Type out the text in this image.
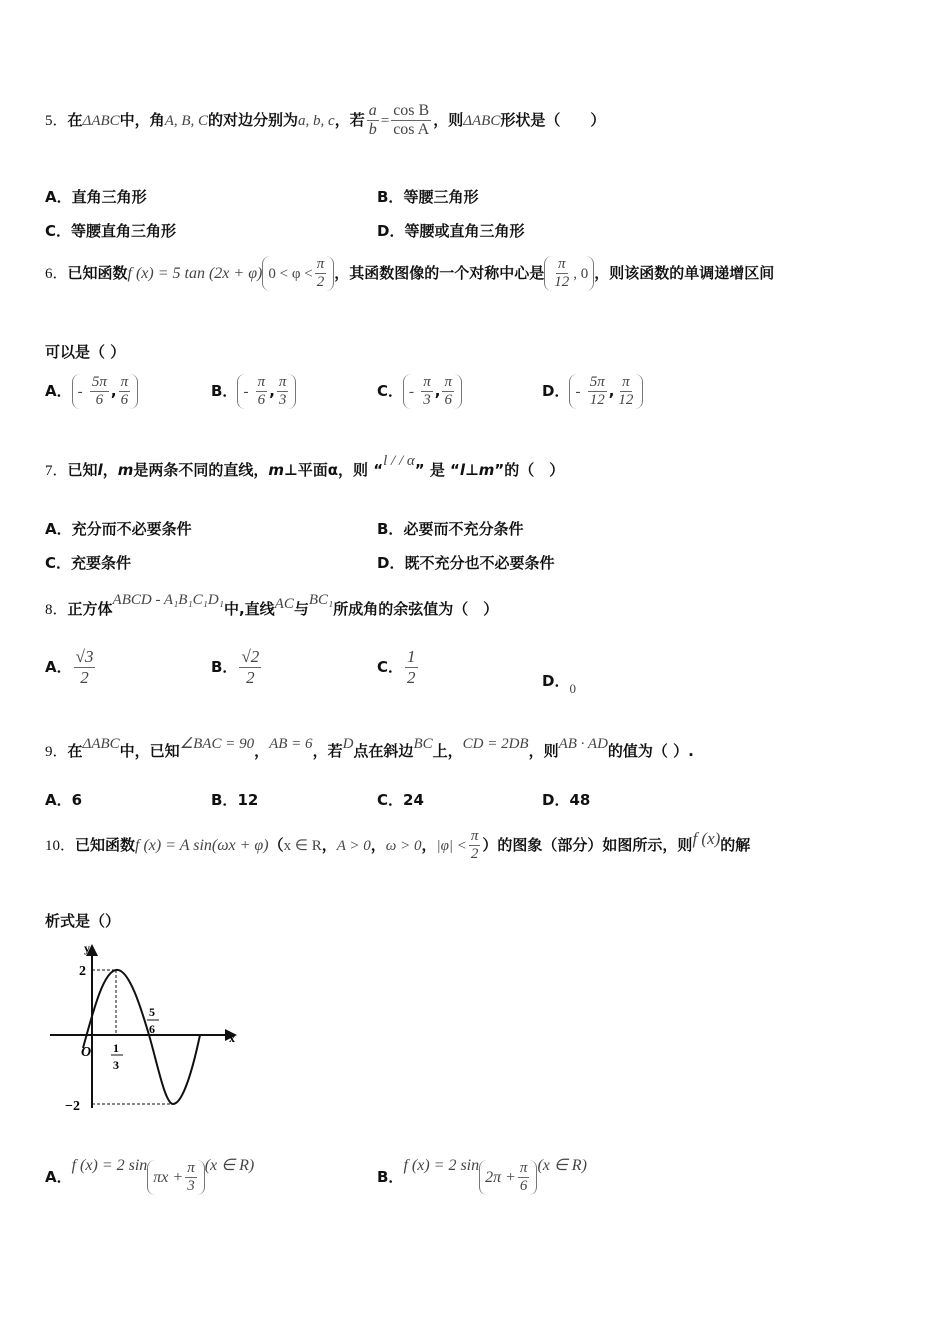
5．在ΔABC中，角A, B, C的对边分别为a, b, c，若 $\frac{a}{b} = \frac{\text{cos B}}{\text{cos A}}$ ，则ΔABC形状是（　　）
A．直角三角形	B．等腰三角形
C．等腰直角三角形	D．等腰或直角三角形
6．已知函数f (x) = 5 tan (2x + φ) $0 < \varphi < \frac{\pi}{2}$ ，其函数图像的一个对称中心是 $\frac{\pi}{12}$ , 0 ，则该函数的单调递增区间
可以是（ ）
A． - $\frac{5\pi}{6}$ , $\frac{\pi}{6}$	B． - $\frac{\pi}{6}$ , $\frac{\pi}{3}$	C． - $\frac{\pi}{3}$ , $\frac{\pi}{6}$	D． - $\frac{5\pi}{12}$ , $\frac{\pi}{12}$
7．已知l，m是两条不同的直线，m⊥平面α，则 “l / / α” 是 “l⊥m”的（　）
A．充分而不必要条件	B．必要而不充分条件
C．充要条件	D．既不充分也不必要条件
8．正方体ABCD - A₁B₁C₁D₁中,直线AC与BC₁所成角的余弦值为（　）
A． $\frac{√3}{2}$	B． $\frac{√2}{2}$	C． $\frac{1}{2}$	D．0
9．在ΔABC中，已知∠BAC = 90，AB = 6，若D点在斜边BC上，CD = 2DB，则AB · AD的值为（ ）.
A．6	B．12	C．24	D．48
10．已知函数f (x) = A sin(ωx + φ)（x ∈ R，A > 0，ω > 0，$|\varphi| < \frac{\pi}{2}$ ）的图象（部分）如图所示，则f (x)的解
析式是（）
y
x
O
2
−2
1
3
5
6
A．f (x) = 2 $\sin\pi x + \frac{\pi}{3} (x$ ∈ R)
B．f (x) = 2 $\sin 2\pi + \frac{\pi}{6} (x$ ∈ R)
